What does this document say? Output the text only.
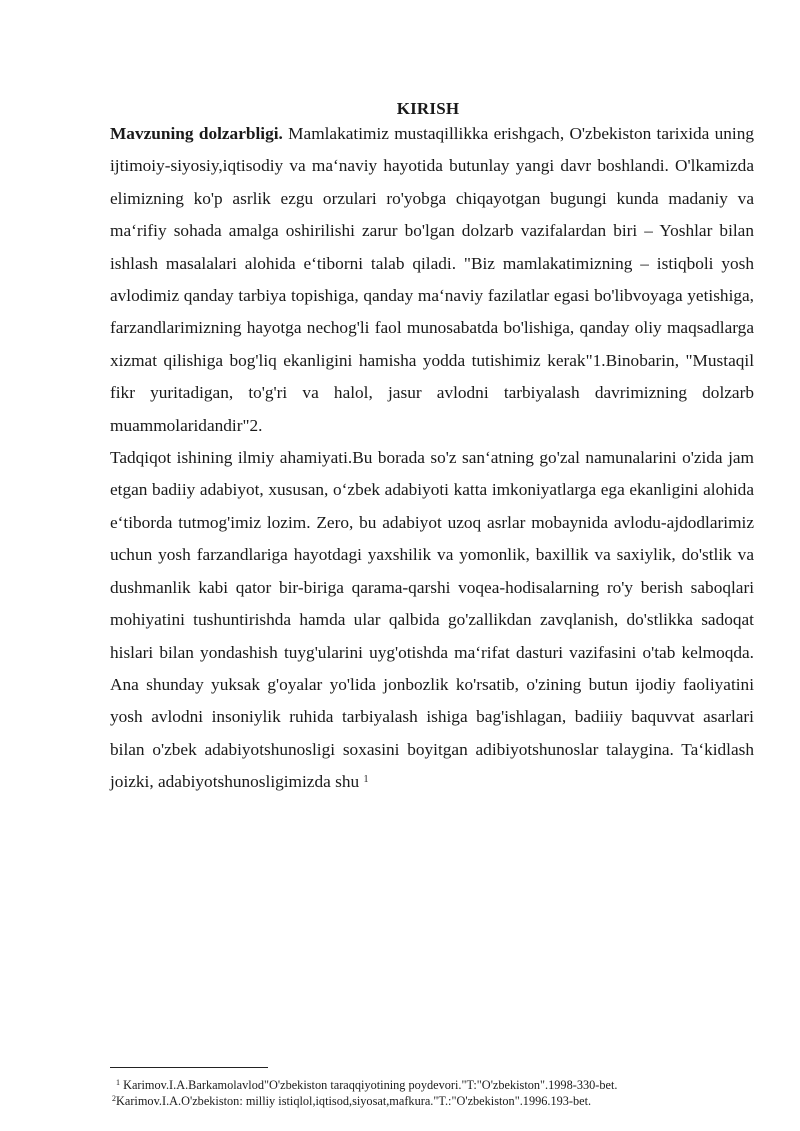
KIRISH

Mavzuning dolzarbligi. Mamlakatimiz mustaqillikka erishgach, O'zbekiston tarixida uning ijtimoiy-siyosiy,iqtisodiy va ma‘naviy hayotida butunlay yangi davr boshlandi. O'lkamizda elimizning ko'p asrlik ezgu orzulari ro'yobga chiqayotgan bugungi kunda madaniy va ma‘rifiy sohada amalga oshirilishi zarur bo'lgan dolzarb vazifalardan biri – Yoshlar bilan ishlash masalalari alohida e‘tiborni talab qiladi. "Biz mamlakatimizning – istiqboli yosh avlodimiz qanday tarbiya topishiga, qanday ma‘naviy fazilatlar egasi bo'libvoyaga yetishiga, farzandlarimizning hayotga nechog'li faol munosabatda bo'lishiga, qanday oliy maqsadlarga xizmat qilishiga bog'liq ekanligini hamisha yodda tutishimiz kerak"1.Binobarin, "Mustaqil fikr yuritadigan, to'g'ri va halol, jasur avlodni tarbiyalash davrimizning dolzarb muammolaridandir"2.

Tadqiqot ishining ilmiy ahamiyati.Bu borada so'z san‘atning go'zal namunalarini o'zida jam etgan badiiy adabiyot, xususan, o‘zbek adabiyoti katta imkoniyatlarga ega ekanligini alohida e‘tiborda tutmog'imiz lozim. Zero, bu adabiyot uzoq asrlar mobaynida avlodu-ajdodlarimiz uchun yosh farzandlariga hayotdagi yaxshilik va yomonlik, baxillik va saxiylik, do'stlik va dushmanlik kabi qator bir-biriga qarama-qarshi voqea-hodisalarning ro'y berish saboqlari mohiyatini tushuntirishda hamda ular qalbida go'zallikdan zavqlanish, do'stlikka sadoqat hislari bilan yondashish tuyg'ularini uyg'otishda ma‘rifat dasturi vazifasini o'tab kelmoqda. Ana shunday yuksak g'oyalar yo'lida jonbozlik ko'rsatib, o'zining butun ijodiy faoliyatini yosh avlodni insoniylik ruhida tarbiyalash ishiga bag'ishlagan, badiiiy baquvvat asarlari bilan o'zbek adabiyotshunosligi soxasini boyitgan adibiyotshunoslar talaygina. Ta‘kidlash joizki, adabiyotshunosligimizda shu $^1$

$^1$ Karimov.I.A.Barkamolavlod"O'zbekiston taraqqiyotining poydevori."T:"O'zbekiston".1998-330-bet.

$^2$Karimov.I.A.O'zbekiston: milliy istiqlol,iqtisod,siyosat,mafkura."T.:"O'zbekiston".1996.193-bet.
